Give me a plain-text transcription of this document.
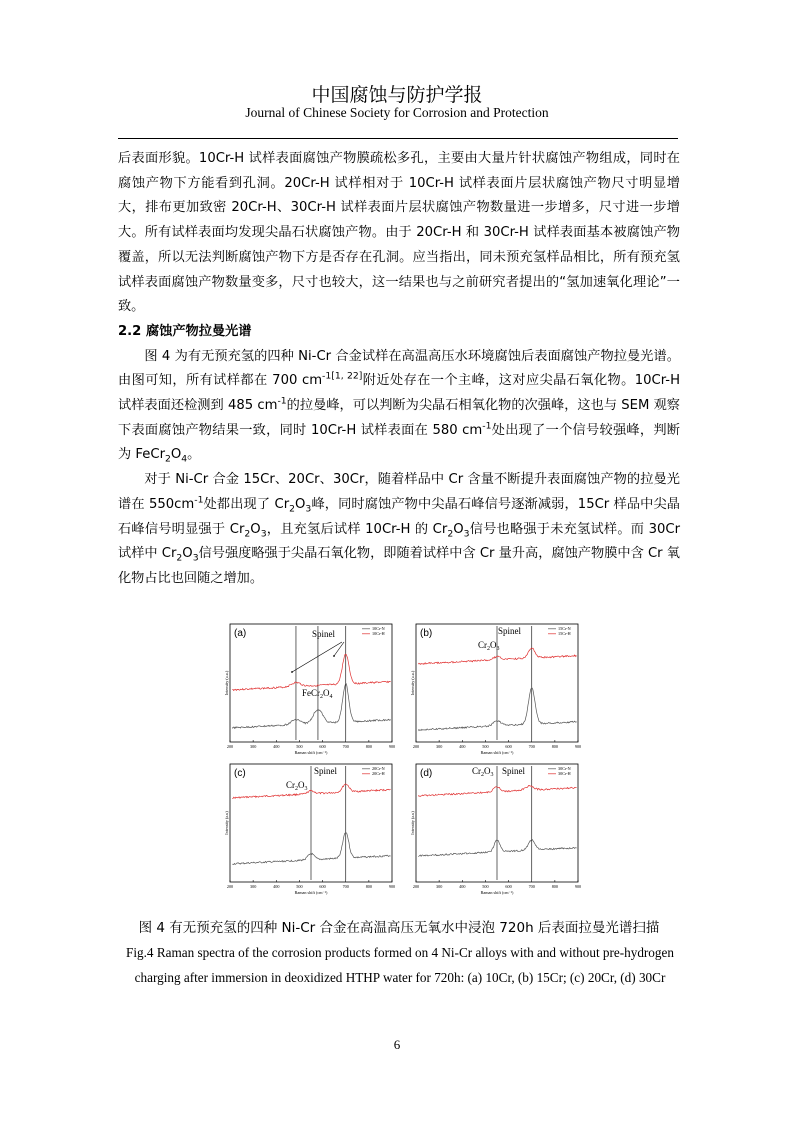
中国腐蚀与防护学报
Journal of Chinese Society for Corrosion and Protection

后表面形貌。10Cr-H 试样表面腐蚀产物膜疏松多孔，主要由大量片针状腐蚀产物组成，同时在腐蚀产物下方能看到孔洞。20Cr-H 试样相对于 10Cr-H 试样表面片层状腐蚀产物尺寸明显增大，排布更加致密 20Cr-H、30Cr-H 试样表面片层状腐蚀产物数量进一步增多，尺寸进一步增大。所有试样表面均发现尖晶石状腐蚀产物。由于 20Cr-H 和 30Cr-H 试样表面基本被腐蚀产物覆盖，所以无法判断腐蚀产物下方是否存在孔洞。应当指出，同未预充氢样品相比，所有预充氢试样表面腐蚀产物数量变多，尺寸也较大，这一结果也与之前研究者提出的“氢加速氧化理论”一致。

2.2 腐蚀产物拉曼光谱

图 4 为有无预充氢的四种 Ni-Cr 合金试样在高温高压水环境腐蚀后表面腐蚀产物拉曼光谱。由图可知，所有试样都在 700 $cm^{-1[1, 22]}$附近处存在一个主峰，这对应尖晶石氧化物。10Cr-H 试样表面还检测到 485 $cm^{-1}$的拉曼峰，可以判断为尖晶石相氧化物的次强峰，这也与 SEM 观察下表面腐蚀产物结果一致，同时 10Cr-H 试样表面在 580 $cm^{-1}$处出现了一个信号较强峰，判断为 $FeCr_2O_4$。

对于 Ni-Cr 合金 15Cr、20Cr、30Cr，随着样品中 Cr 含量不断提升表面腐蚀产物的拉曼光谱在 $550cm^{-1}$处都出现了 $Cr_2O_3$峰，同时腐蚀产物中尖晶石峰信号逐渐减弱，15Cr 样品中尖晶石峰信号明显强于 $Cr_2O_3$，且充氢后试样 10Cr-H 的 $Cr_2O_3$信号也略强于未充氢试样。而 30Cr 试样中 $Cr_2O_3$信号强度略强于尖晶石氧化物，即随着试样中含 Cr 量升高，腐蚀产物膜中含 Cr 氧化物占比也回随之增加。

200	300	400	500	600	700	800	900
Raman shift (cm⁻¹)
Intensity (a.u.)
(a)	10Cr-N
10Cr-H
Spinel
$FeCr_2O_4$
200	300	400	500	600	700	800	900
Raman shift (cm⁻¹)
Intensity (a.u.)
(b)	15Cr-N
15Cr-H
Spinel
$Cr_2O_3$
200	300	400	500	600	700	800	900
Raman shift (cm⁻¹)
Intensity (a.u)
(c)	20Cr-N
20Cr-H
Spinel
$Cr_2O_3$
200	300	400	500	600	700	800	900
Raman shift (cm⁻¹)
Intensity (a.u)
(d)	30Cr-N
30Cr-H
Spinel
$Cr_2O_3$
图 4 有无预充氢的四种 Ni-Cr 合金在高温高压无氧水中浸泡 720h 后表面拉曼光谱扫描
Fig.4 Raman spectra of the corrosion products formed on 4 Ni-Cr alloys with and without pre-hydrogen charging after immersion in deoxidized HTHP water for 720h: (a) 10Cr, (b) 15Cr; (c) 20Cr, (d) 30Cr
6
